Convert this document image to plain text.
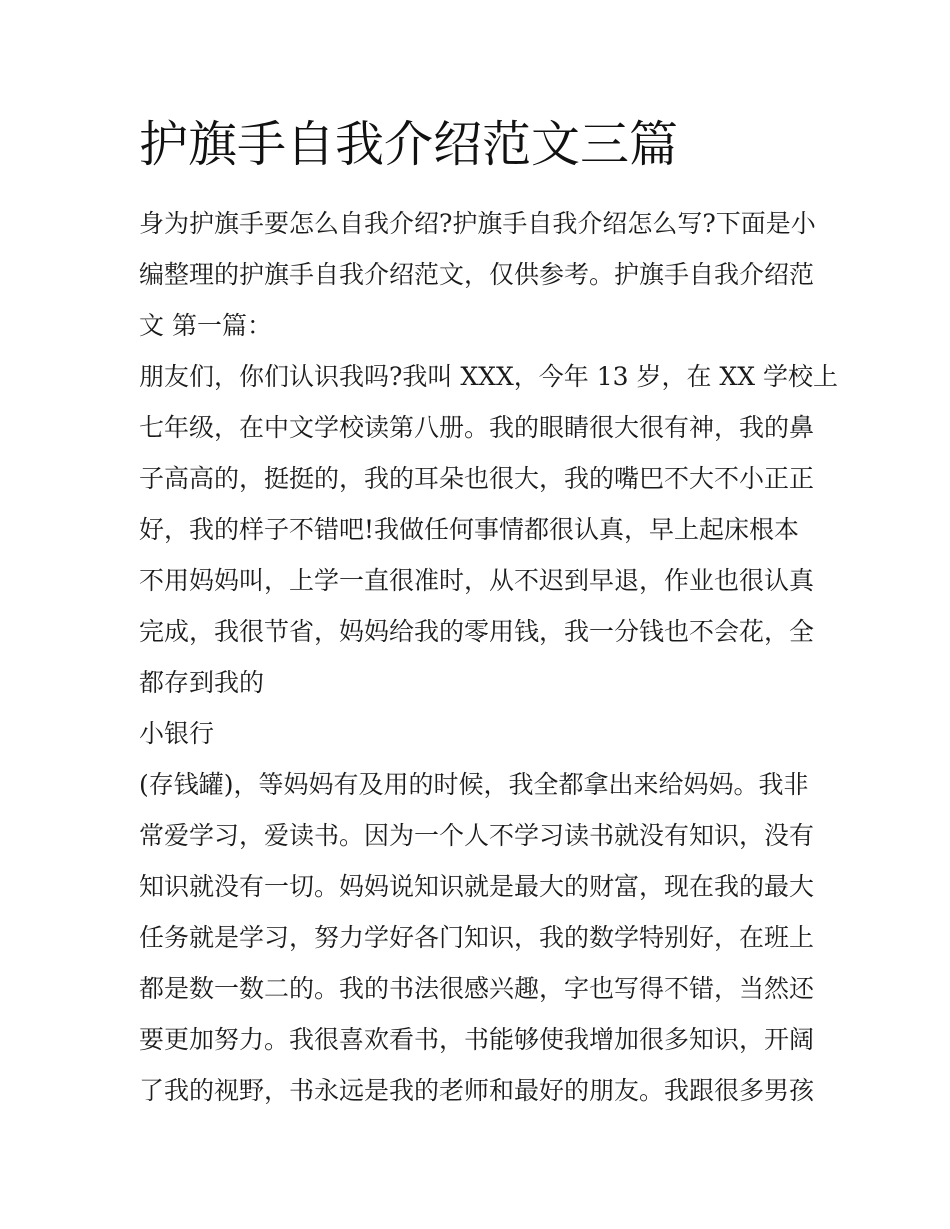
护旗手自我介绍范文三篇
身为护旗手要怎么自我介绍?护旗手自我介绍怎么写?下面是小
编整理的护旗手自我介绍范文，仅供参考。护旗手自我介绍范
文 第一篇：
朋友们，你们认识我吗?我叫 XXX，今年 13 岁，在 XX 学校上
七年级，在中文学校读第八册。我的眼睛很大很有神，我的鼻
子高高的，挺挺的，我的耳朵也很大，我的嘴巴不大不小正正
好，我的样子不错吧!我做任何事情都很认真，早上起床根本
不用妈妈叫，上学一直很准时，从不迟到早退，作业也很认真
完成，我很节省，妈妈给我的零用钱，我一分钱也不会花，全
都存到我的
小银行
(存钱罐)，等妈妈有及用的时候，我全都拿出来给妈妈。我非
常爱学习，爱读书。因为一个人不学习读书就没有知识，没有
知识就没有一切。妈妈说知识就是最大的财富，现在我的最大
任务就是学习，努力学好各门知识，我的数学特别好，在班上
都是数一数二的。我的书法很感兴趣，字也写得不错，当然还
要更加努力。我很喜欢看书，书能够使我增加很多知识，开阔
了我的视野，书永远是我的老师和最好的朋友。我跟很多男孩
